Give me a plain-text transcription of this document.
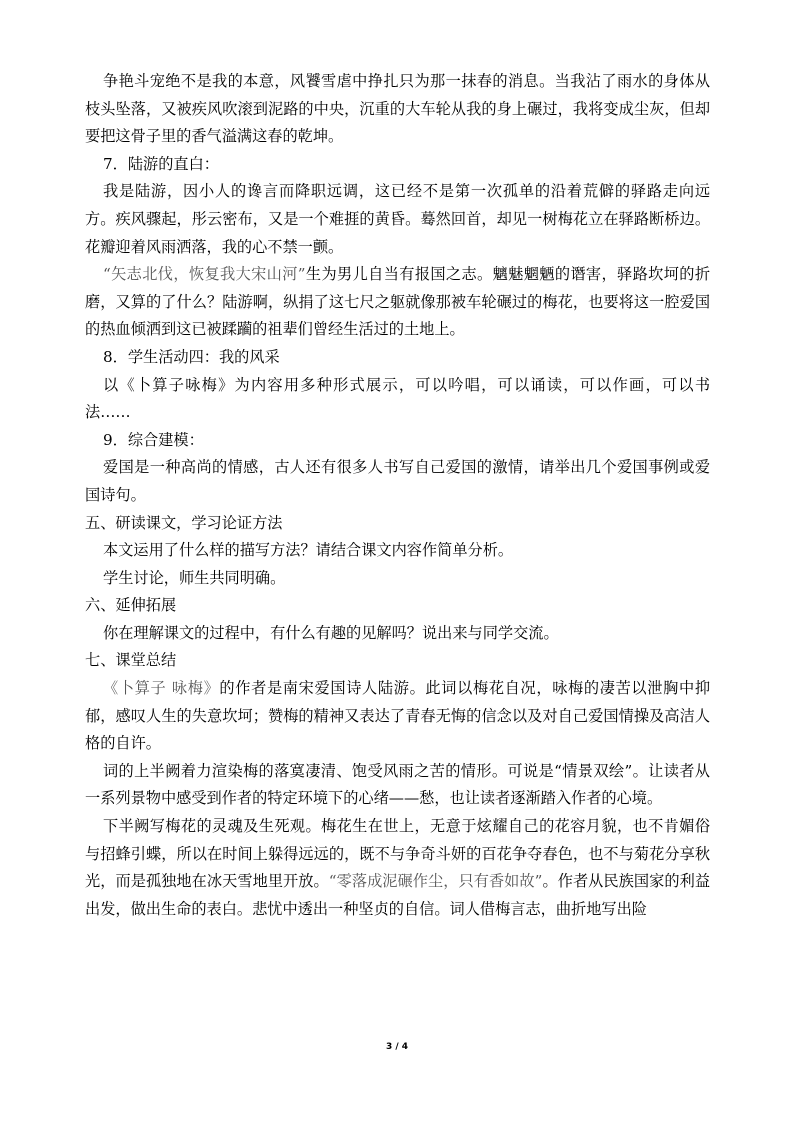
争艳斗宠绝不是我的本意，风饕雪虐中挣扎只为那一抹春的消息。当我沾了雨水的身体从枝头坠落，又被疾风吹滚到泥路的中央，沉重的大车轮从我的身上碾过，我将变成尘灰，但却要把这骨子里的香气溢满这春的乾坤。

7．陆游的直白：

我是陆游，因小人的谗言而降职远调，这已经不是第一次孤单的沿着荒僻的驿路走向远方。疾风骤起，彤云密布，又是一个难捱的黄昏。蓦然回首，却见一树梅花立在驿路断桥边。花瓣迎着风雨洒落，我的心不禁一颤。

“矢志北伐，恢复我大宋山河”生为男儿自当有报国之志。魑魅魍魉的谮害，驿路坎坷的折磨，又算的了什么？陆游啊，纵捐了这七尺之躯就像那被车轮碾过的梅花，也要将这一腔爱国的热血倾洒到这已被蹂躏的祖辈们曾经生活过的土地上。

8．学生活动四：我的风采

以《卜算子咏梅》为内容用多种形式展示，可以吟唱，可以诵读，可以作画，可以书法……

9．综合建模：

爱国是一种高尚的情感，古人还有很多人书写自己爱国的激情，请举出几个爱国事例或爱国诗句。

五、研读课文，学习论证方法

本文运用了什么样的描写方法？请结合课文内容作简单分析。

学生讨论，师生共同明确。

六、延伸拓展

你在理解课文的过程中，有什么有趣的见解吗？说出来与同学交流。

七、课堂总结

《卜算子 咏梅》的作者是南宋爱国诗人陆游。此词以梅花自况，咏梅的凄苦以泄胸中抑郁，感叹人生的失意坎坷；赞梅的精神又表达了青春无悔的信念以及对自己爱国情操及高洁人格的自许。

词的上半阙着力渲染梅的落寞凄清、饱受风雨之苦的情形。可说是“情景双绘”。让读者从一系列景物中感受到作者的特定环境下的心绪——愁，也让读者逐渐踏入作者的心境。

下半阙写梅花的灵魂及生死观。梅花生在世上，无意于炫耀自己的花容月貌，也不肯媚俗与招蜂引蝶，所以在时间上躲得远远的，既不与争奇斗妍的百花争夺春色，也不与菊花分享秋光，而是孤独地在冰天雪地里开放。“零落成泥碾作尘，只有香如故”。作者从民族国家的利益出发，做出生命的表白。悲忧中透出一种坚贞的自信。词人借梅言志，曲折地写出险

3 / 4
